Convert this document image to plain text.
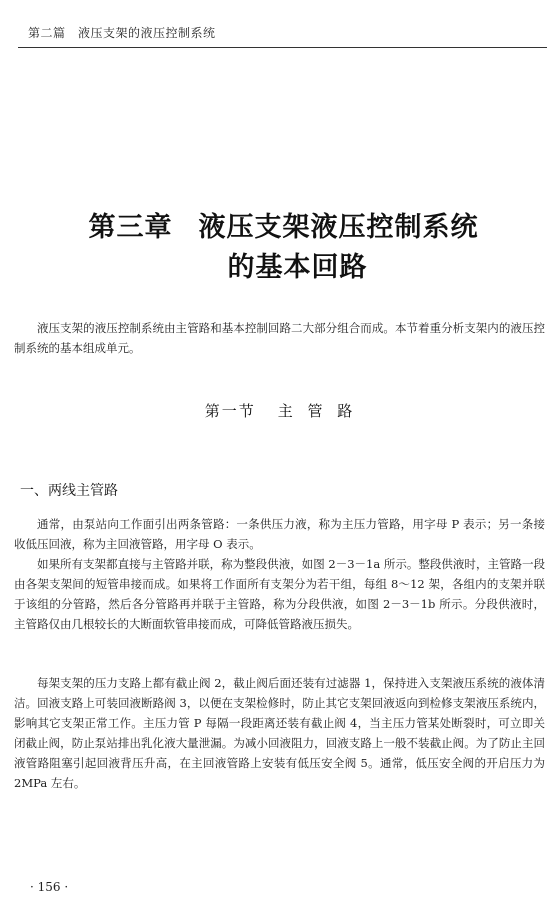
第二篇　液压支架的液压控制系统
第三章 液压支架液压控制系统
的基本回路

液压支架的液压控制系统由主管路和基本控制回路二大部分组合而成。本节着重分析支架内的液压控制系统的基本组成单元。

第一节 主 管 路
一、两线主管路

通常，由泵站向工作面引出两条管路：一条供压力液，称为主压力管路，用字母 P 表示；另一条接收低压回液，称为主回液管路，用字母 O 表示。

如果所有支架都直接与主管路并联，称为整段供液，如图 2－3－1a 所示。整段供液时，主管路一段由各架支架间的短管串接而成。如果将工作面所有支架分为若干组，每组 8～12 架，各组内的支架并联于该组的分管路，然后各分管路再并联于主管路，称为分段供液，如图 2－3－1b 所示。分段供液时，主管路仅由几根较长的大断面软管串接而成，可降低管路液压损失。

每架支架的压力支路上都有截止阀 2，截止阀后面还装有过滤器 1，保持进入支架液压系统的液体清洁。回液支路上可装回液断路阀 3，以便在支架检修时，防止其它支架回液返向到检修支架液压系统内，影响其它支架正常工作。主压力管 P 每隔一段距离还装有截止阀 4，当主压力管某处断裂时，可立即关闭截止阀，防止泵站排出乳化液大量泄漏。为减小回液阻力，回液支路上一般不装截止阀。为了防止主回液管路阻塞引起回液背压升高，在主回液管路上安装有低压安全阀 5。通常，低压安全阀的开启压力为 2MPa 左右。

· 156 ·
